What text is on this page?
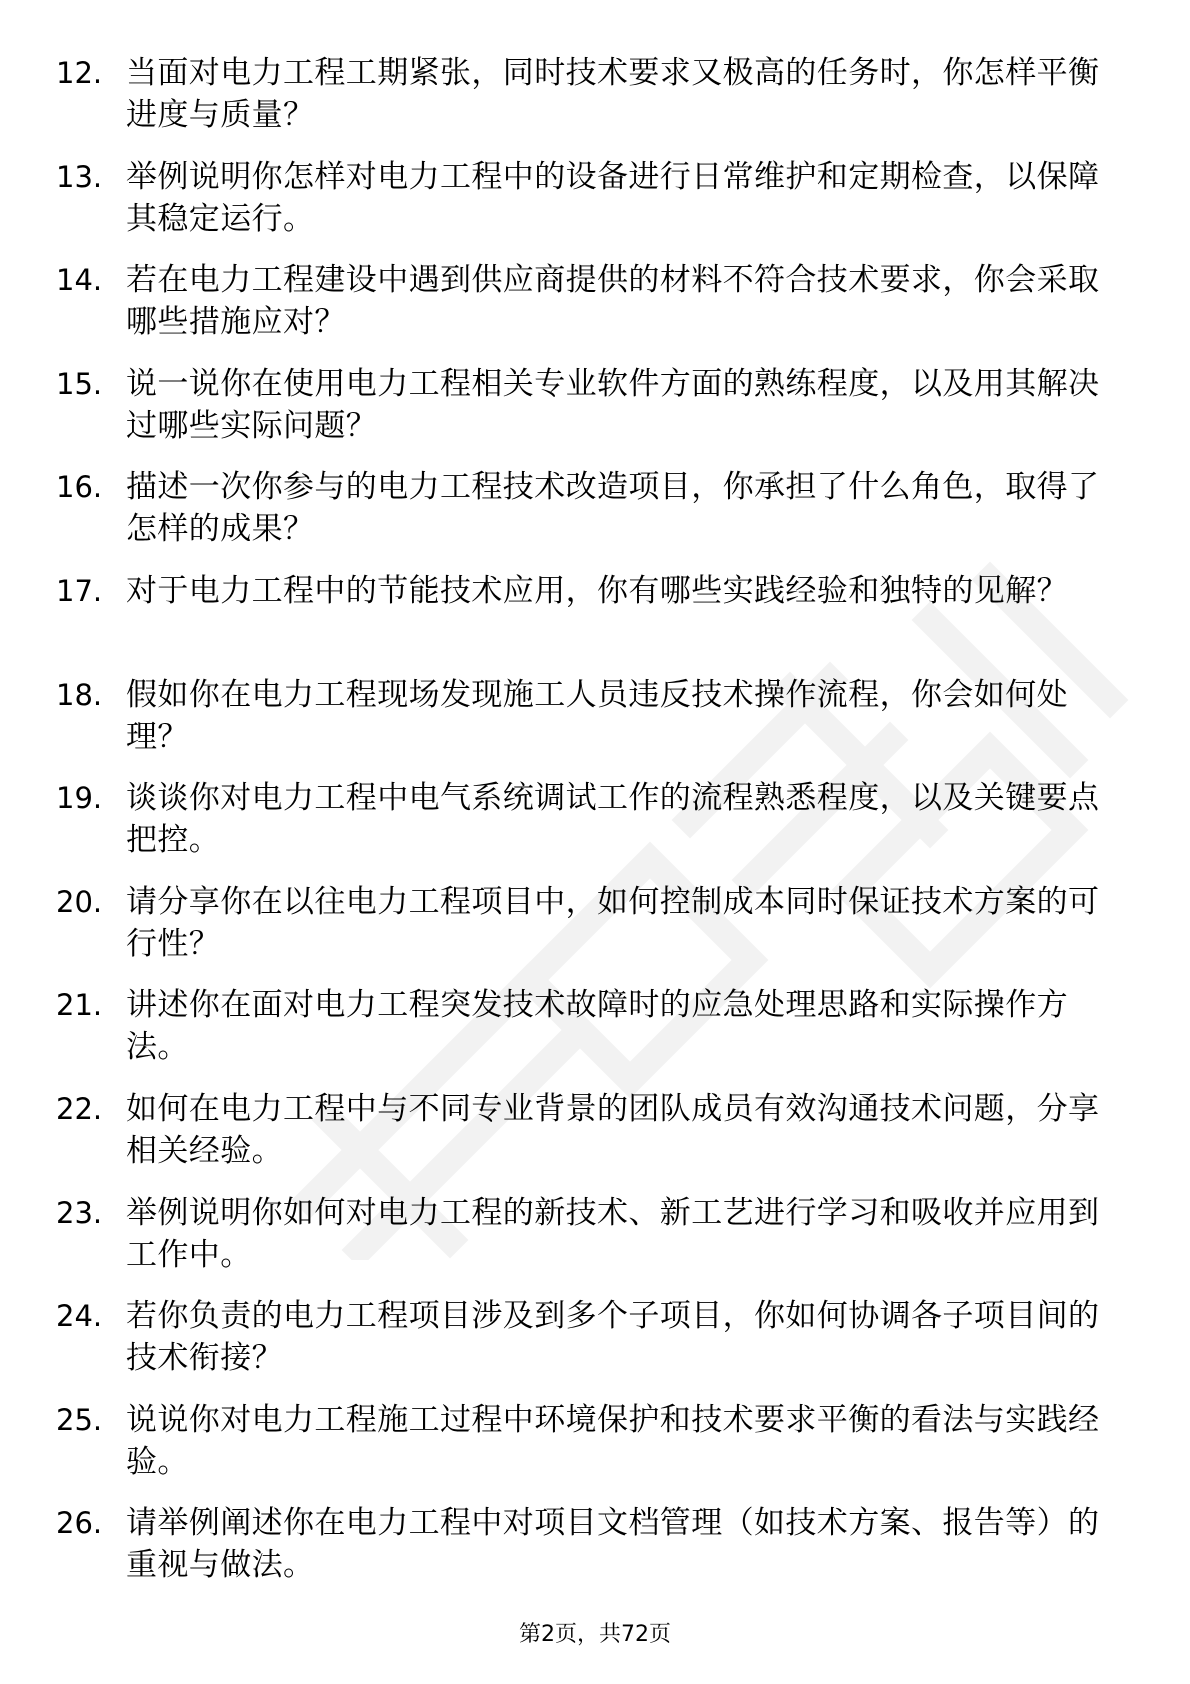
12. 当面对电力工程工期紧张，同时技术要求又极高的任务时，你怎样平衡进度与质量？
13. 举例说明你怎样对电力工程中的设备进行日常维护和定期检查，以保障其稳定运行。
14. 若在电力工程建设中遇到供应商提供的材料不符合技术要求，你会采取哪些措施应对？
15. 说一说你在使用电力工程相关专业软件方面的熟练程度，以及用其解决过哪些实际问题？
16. 描述一次你参与的电力工程技术改造项目，你承担了什么角色，取得了怎样的成果？
17. 对于电力工程中的节能技术应用，你有哪些实践经验和独特的见解？
18. 假如你在电力工程现场发现施工人员违反技术操作流程，你会如何处理？
19. 谈谈你对电力工程中电气系统调试工作的流程熟悉程度，以及关键要点把控。
20. 请分享你在以往电力工程项目中，如何控制成本同时保证技术方案的可行性？
21. 讲述你在面对电力工程突发技术故障时的应急处理思路和实际操作方法。
22. 如何在电力工程中与不同专业背景的团队成员有效沟通技术问题，分享相关经验。
23. 举例说明你如何对电力工程的新技术、新工艺进行学习和吸收并应用到工作中。
24. 若你负责的电力工程项目涉及到多个子项目，你如何协调各子项目间的技术衔接？
25. 说说你对电力工程施工过程中环境保护和技术要求平衡的看法与实践经验。
26. 请举例阐述你在电力工程中对项目文档管理（如技术方案、报告等）的重视与做法。
第2页，共72页
